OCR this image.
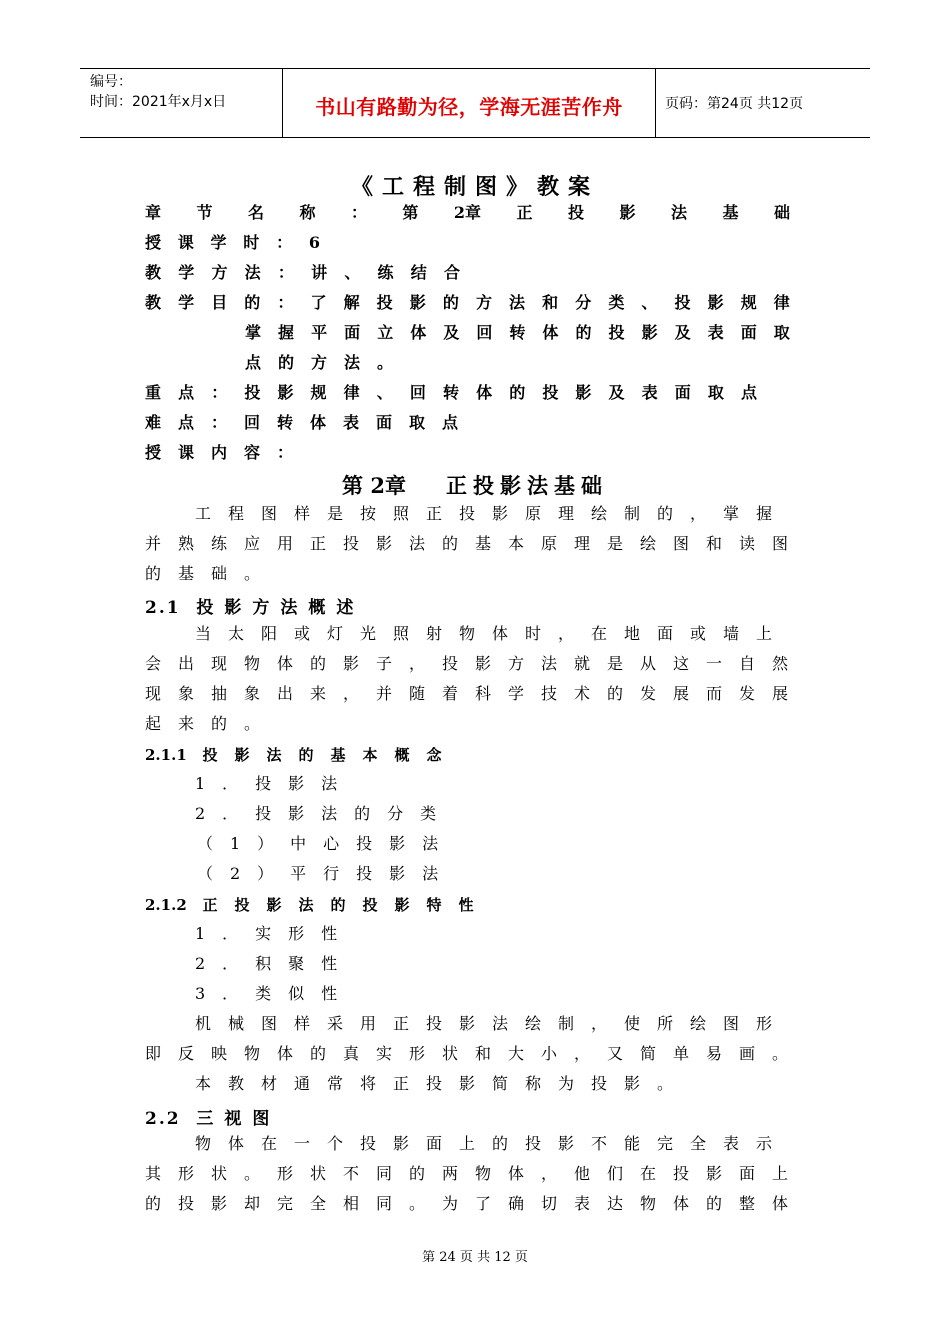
编号：
时间：2021年x月x日	书山有路勤为径，学海无涯苦作舟	页码：第24页 共12页
《工程制图》教案
章 节 名 称 ： 第 2章 正 投 影 法 基 础
授 课 学 时 ： 6
教 学 方 法 ： 讲 、 练 结 合
教 学 目 的 ： 了 解 投 影 的 方 法 和 分 类 、 投 影 规 律
掌 握 平 面 立 体 及 回 转 体 的 投 影 及 表 面 取
点的方法。
重 点 ： 投 影 规 律 、 回 转 体 的 投 影 及 表 面 取 点
难点：回转体表面取点
授课内容：
第 2章 正投影法基础
工程图样是按照正投影原理绘制的，掌握
并熟练应用正投影法的基本原理是绘图和读图
的基础。
2.1 投影方法概述
当太阳或灯光照射物体时，在地面或墙上
会出现物体的影子，投影方法就是从这一自然
现象抽象出来，并随着科学技术的发展而发展
起来的。
2.1.1 投影法的基本概念
1．投影法
2．投影法的分类
（1）中心投影法
（2）平行投影法
2.1.2 正投影法的投影特性
1．实形性
2．积聚性
3．类似性
机械图样采用正投影法绘制，使所绘图形
即反映物体的真实形状和大小，又简单易画。
本教材通常将正投影简称为投影。
2.2 三视图
物体在一个投影面上的投影不能完全表示
其形状。形状不同的两物体，他们在投影面上
的投影却完全相同。为了确切表达物体的整体
第 24 页 共 12 页
